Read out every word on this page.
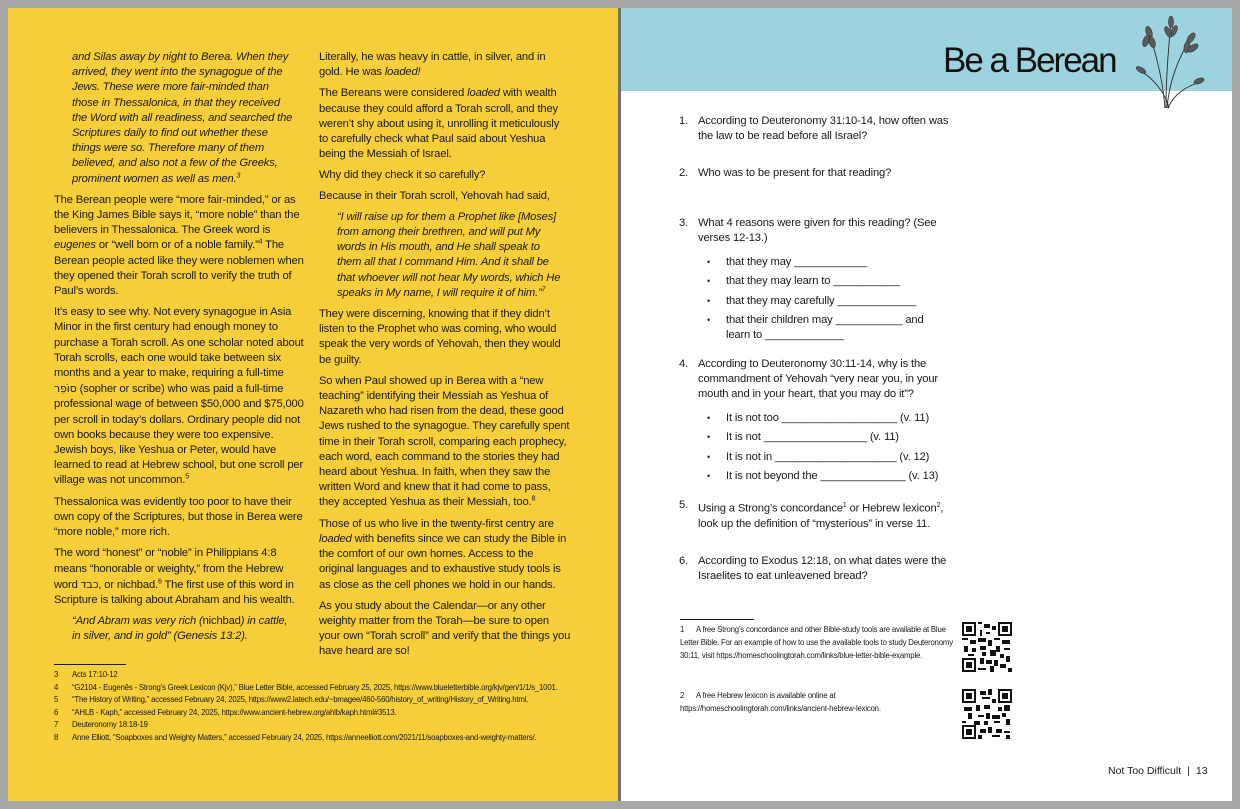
and Silas away by night to Berea. When they arrived, they went into the synagogue of the Jews. These were more fair-minded than those in Thessalonica, in that they received the Word with all readiness, and searched the Scriptures daily to find out whether these things were so. Therefore many of them believed, and also not a few of the Greeks, prominent women as well as men.$^3$

The Berean people were “more fair-minded,” or as the King James Bible says it, “more noble” than the believers in Thessalonica. The Greek word is eugenes or “well born or of a noble family.”$^4$ The Berean people acted like they were noblemen when they opened their Torah scroll to verify the truth of Paul’s words.

It’s easy to see why. Not every synagogue in Asia Minor in the first century had enough money to purchase a Torah scroll. As one scholar noted about Torah scrolls, each one would take between six months and a year to make, requiring a full-time סוֹפֵר (sopher or scribe) who was paid a full-time professional wage of between $50,000 and $75,000 per scroll in today’s dollars. Ordinary people did not own books because they were too expensive. Jewish boys, like Yeshua or Peter, would have learned to read at Hebrew school, but one scroll per village was not uncommon.$^5$

Thessalonica was evidently too poor to have their own copy of the Scriptures, but those in Berea were “more noble,” more rich.

The word “honest” or “noble” in Philippians 4:8 means “honorable or weighty,” from the Hebrew word כבד, or nichbad.$^6$ The first use of this word in Scripture is talking about Abraham and his wealth.

“And Abram was very rich (nichbad) in cattle, in silver, and in gold” (Genesis 13:2).

Literally, he was heavy in cattle, in silver, and in gold. He was loaded!

The Bereans were considered loaded with wealth because they could afford a Torah scroll, and they weren’t shy about using it, unrolling it meticulously to carefully check what Paul said about Yeshua being the Messiah of Israel.

Why did they check it so carefully?

Because in their Torah scroll, Yehovah had said,

“I will raise up for them a Prophet like [Moses] from among their brethren, and will put My words in His mouth, and He shall speak to them all that I command Him. And it shall be that whoever will not hear My words, which He speaks in My name, I will require it of him.”$^7$

They were discerning, knowing that if they didn’t listen to the Prophet who was coming, who would speak the very words of Yehovah, then they would be guilty.

So when Paul showed up in Berea with a “new teaching” identifying their Messiah as Yeshua of Nazareth who had risen from the dead, these good Jews rushed to the synagogue. They carefully spent time in their Torah scroll, comparing each prophecy, each word, each command to the stories they had heard about Yeshua. In faith, when they saw the written Word and knew that it had come to pass, they accepted Yeshua as their Messiah, too.$^8$

Those of us who live in the twenty-first centry are loaded with benefits since we can study the Bible in the comfort of our own homes. Access to the original languages and to exhaustive study tools is as close as the cell phones we hold in our hands.

As you study about the Calendar—or any other weighty matter from the Torah—be sure to open your own “Torah scroll” and verify that the things you have heard are so!

3	Acts 17:10-12
4	“G2104 - Eugenês - Strong’s Greek Lexicon (Kjv),” Blue Letter Bible, accessed February 25, 2025, https://www.blueletterbible.org/kjv/gen/1/1/s_1001.
5	“The History of Writing,” accessed February 24, 2025, https://www2.latech.edu/~bmagee/460-560/history_of_writing/History_of_Writing.html.
6	“AHLB - Kaph,” accessed February 24, 2025, https://www.ancient-hebrew.org/ahlb/kaph.html#3513.
7	Deuteronomy 18:18-19
8	Anne Elliott, “Soapboxes and Weighty Matters,” accessed February 24, 2025, https://anneelliott.com/2021/11/soapboxes-and-weighty-matters/.
Be a Berean
1. According to Deuteronomy 31:10-14, how often was the law to be read before all Israel?
2. Who was to be present for that reading?
3. What 4 reasons were given for this reading? (See verses 12-13.)
•	that they may ____________
•	that they may learn to ___________
•	that they may carefully _____________
•	that their children may ___________ and learn to _____________
4. According to Deuteronomy 30:11-14, why is the commandment of Yehovah “very near you, in your mouth and in your heart, that you may do it”?
•	It is not too ___________________ (v. 11)
•	It is not _________________ (v. 11)
•	It is not in ____________________ (v. 12)
•	It is not beyond the ______________ (v. 13)
5. Using a Strong’s concordance$^1$ or Hebrew lexicon$^2$, look up the definition of “mysterious” in verse 11.
6. According to Exodus 12:18, on what dates were the Israelites to eat unleavened bread?
1 A free Strong’s concordance and other Bible-study tools are available at Blue Letter Bible. For an example of how to use the available tools to study Deuteronomy 30:11, visit https://homeschoolingtorah.com/links/blue-letter-bible-example.
2 A free Hebrew lexicon is available online at https://homeschoolingtorah.com/links/ancient-hebrew-lexicon.
Not Too Difficult | 13
